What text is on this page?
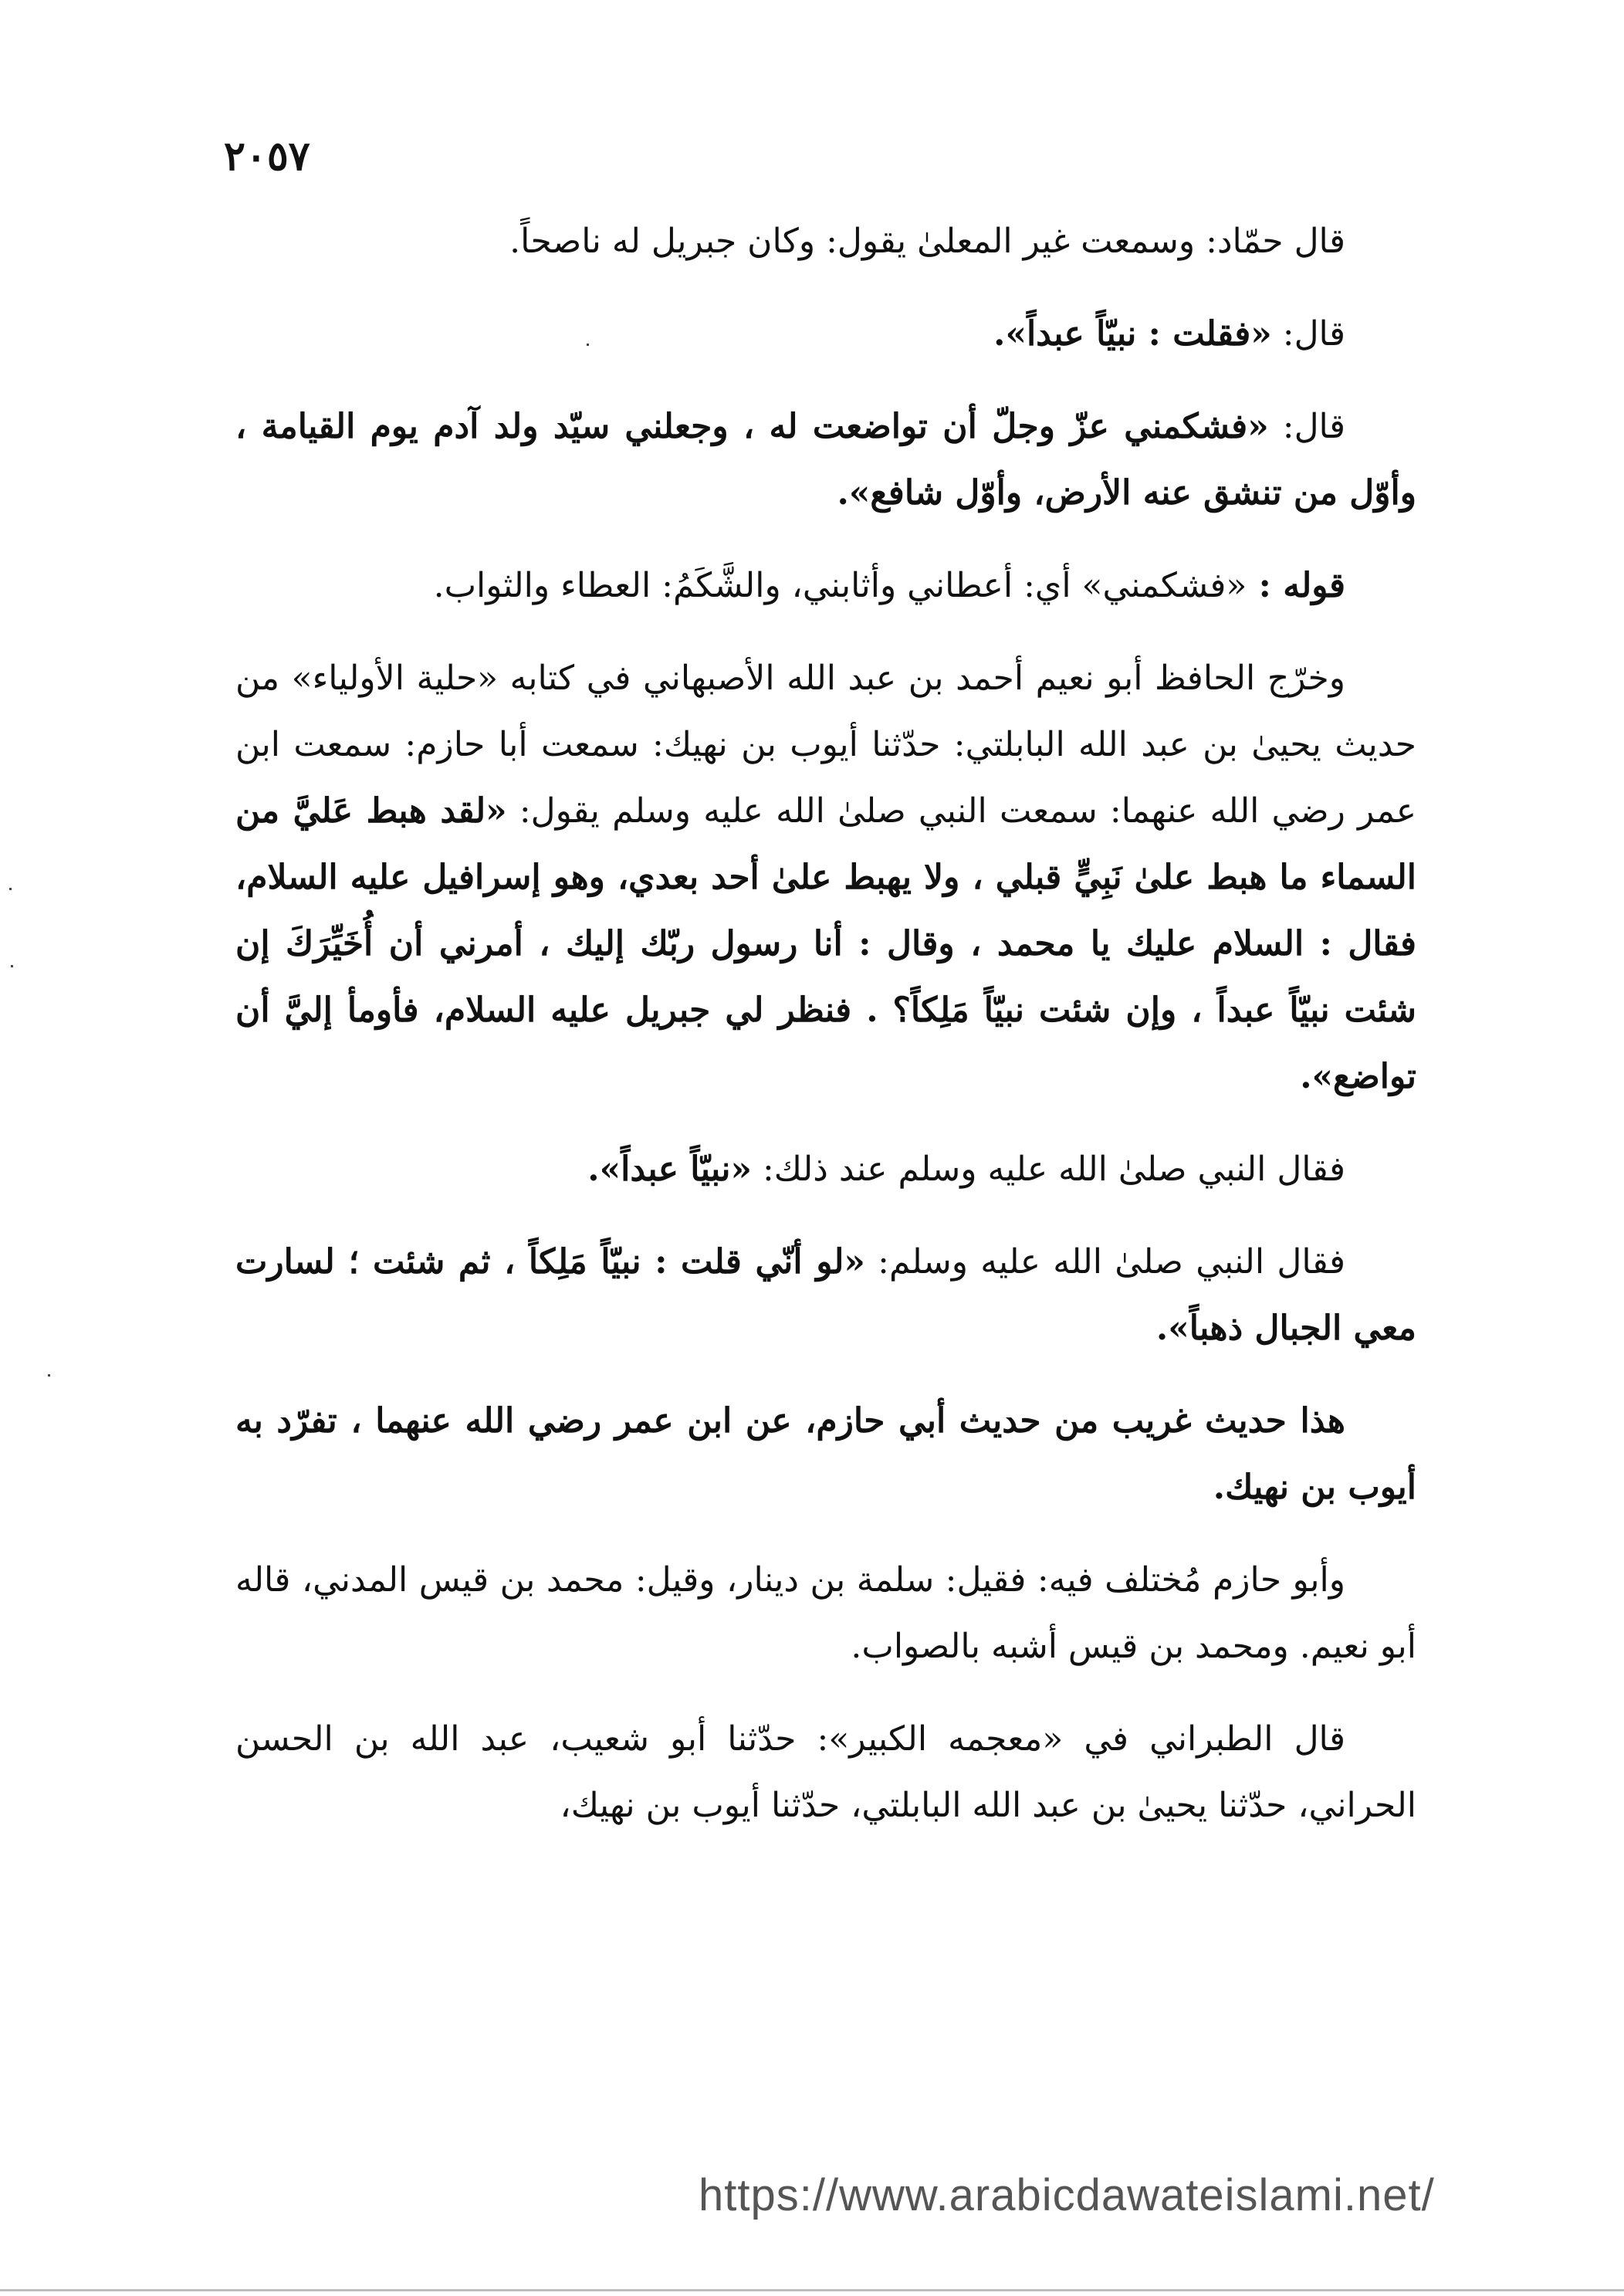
٢٠٥٧

قال حمّاد: وسمعت غير المعلىٰ يقول: وكان جبريل له ناصحاً.

قال: «فقلت : نبيّاً عبداً».

قال: «فشكمني عزّ وجلّ أن تواضعت له ، وجعلني سيّد ولد آدم يوم القيامة ، وأوّل من تنشق عنه الأرض، وأوّل شافع».

قوله : «فشكمني» أي: أعطاني وأثابني، والشَّكَمُ: العطاء والثواب.

وخرّج الحافظ أبو نعيم أحمد بن عبد الله الأصبهاني في كتابه «حلية الأولياء» من حديث يحيىٰ بن عبد الله البابلتي: حدّثنا أيوب بن نهيك: سمعت أبا حازم: سمعت ابن عمر رضي الله عنهما: سمعت النبي صلىٰ الله عليه وسلم يقول: «لقد هبط عَليَّ من السماء ما هبط علىٰ نَبِيٍّ قبلي ، ولا يهبط علىٰ أحد بعدي، وهو إسرافيل عليه السلام، فقال : السلام عليك يا محمد ، وقال : أنا رسول ربّك إليك ، أمرني أن أُخَيِّرَكَ إن شئت نبيّاً عبداً ، وإن شئت نبيّاً مَلِكاً؟ . فنظر لي جبريل عليه السلام، فأومأ إليَّ أن تواضع».

فقال النبي صلىٰ الله عليه وسلم عند ذلك: «نبيّاً عبداً».

فقال النبي صلىٰ الله عليه وسلم: «لو أنّي قلت : نبيّاً مَلِكاً ، ثم شئت ؛ لسارت معي الجبال ذهباً».

هذا حديث غريب من حديث أبي حازم، عن ابن عمر رضي الله عنهما ، تفرّد به أيوب بن نهيك.

وأبو حازم مُختلف فيه: فقيل: سلمة بن دينار، وقيل: محمد بن قيس المدني، قاله أبو نعيم. ومحمد بن قيس أشبه بالصواب.

قال الطبراني في «معجمه الكبير»: حدّثنا أبو شعيب، عبد الله بن الحسن الحراني، حدّثنا يحيىٰ بن عبد الله البابلتي، حدّثنا أيوب بن نهيك،

https://www.arabicdawateislami.net/
